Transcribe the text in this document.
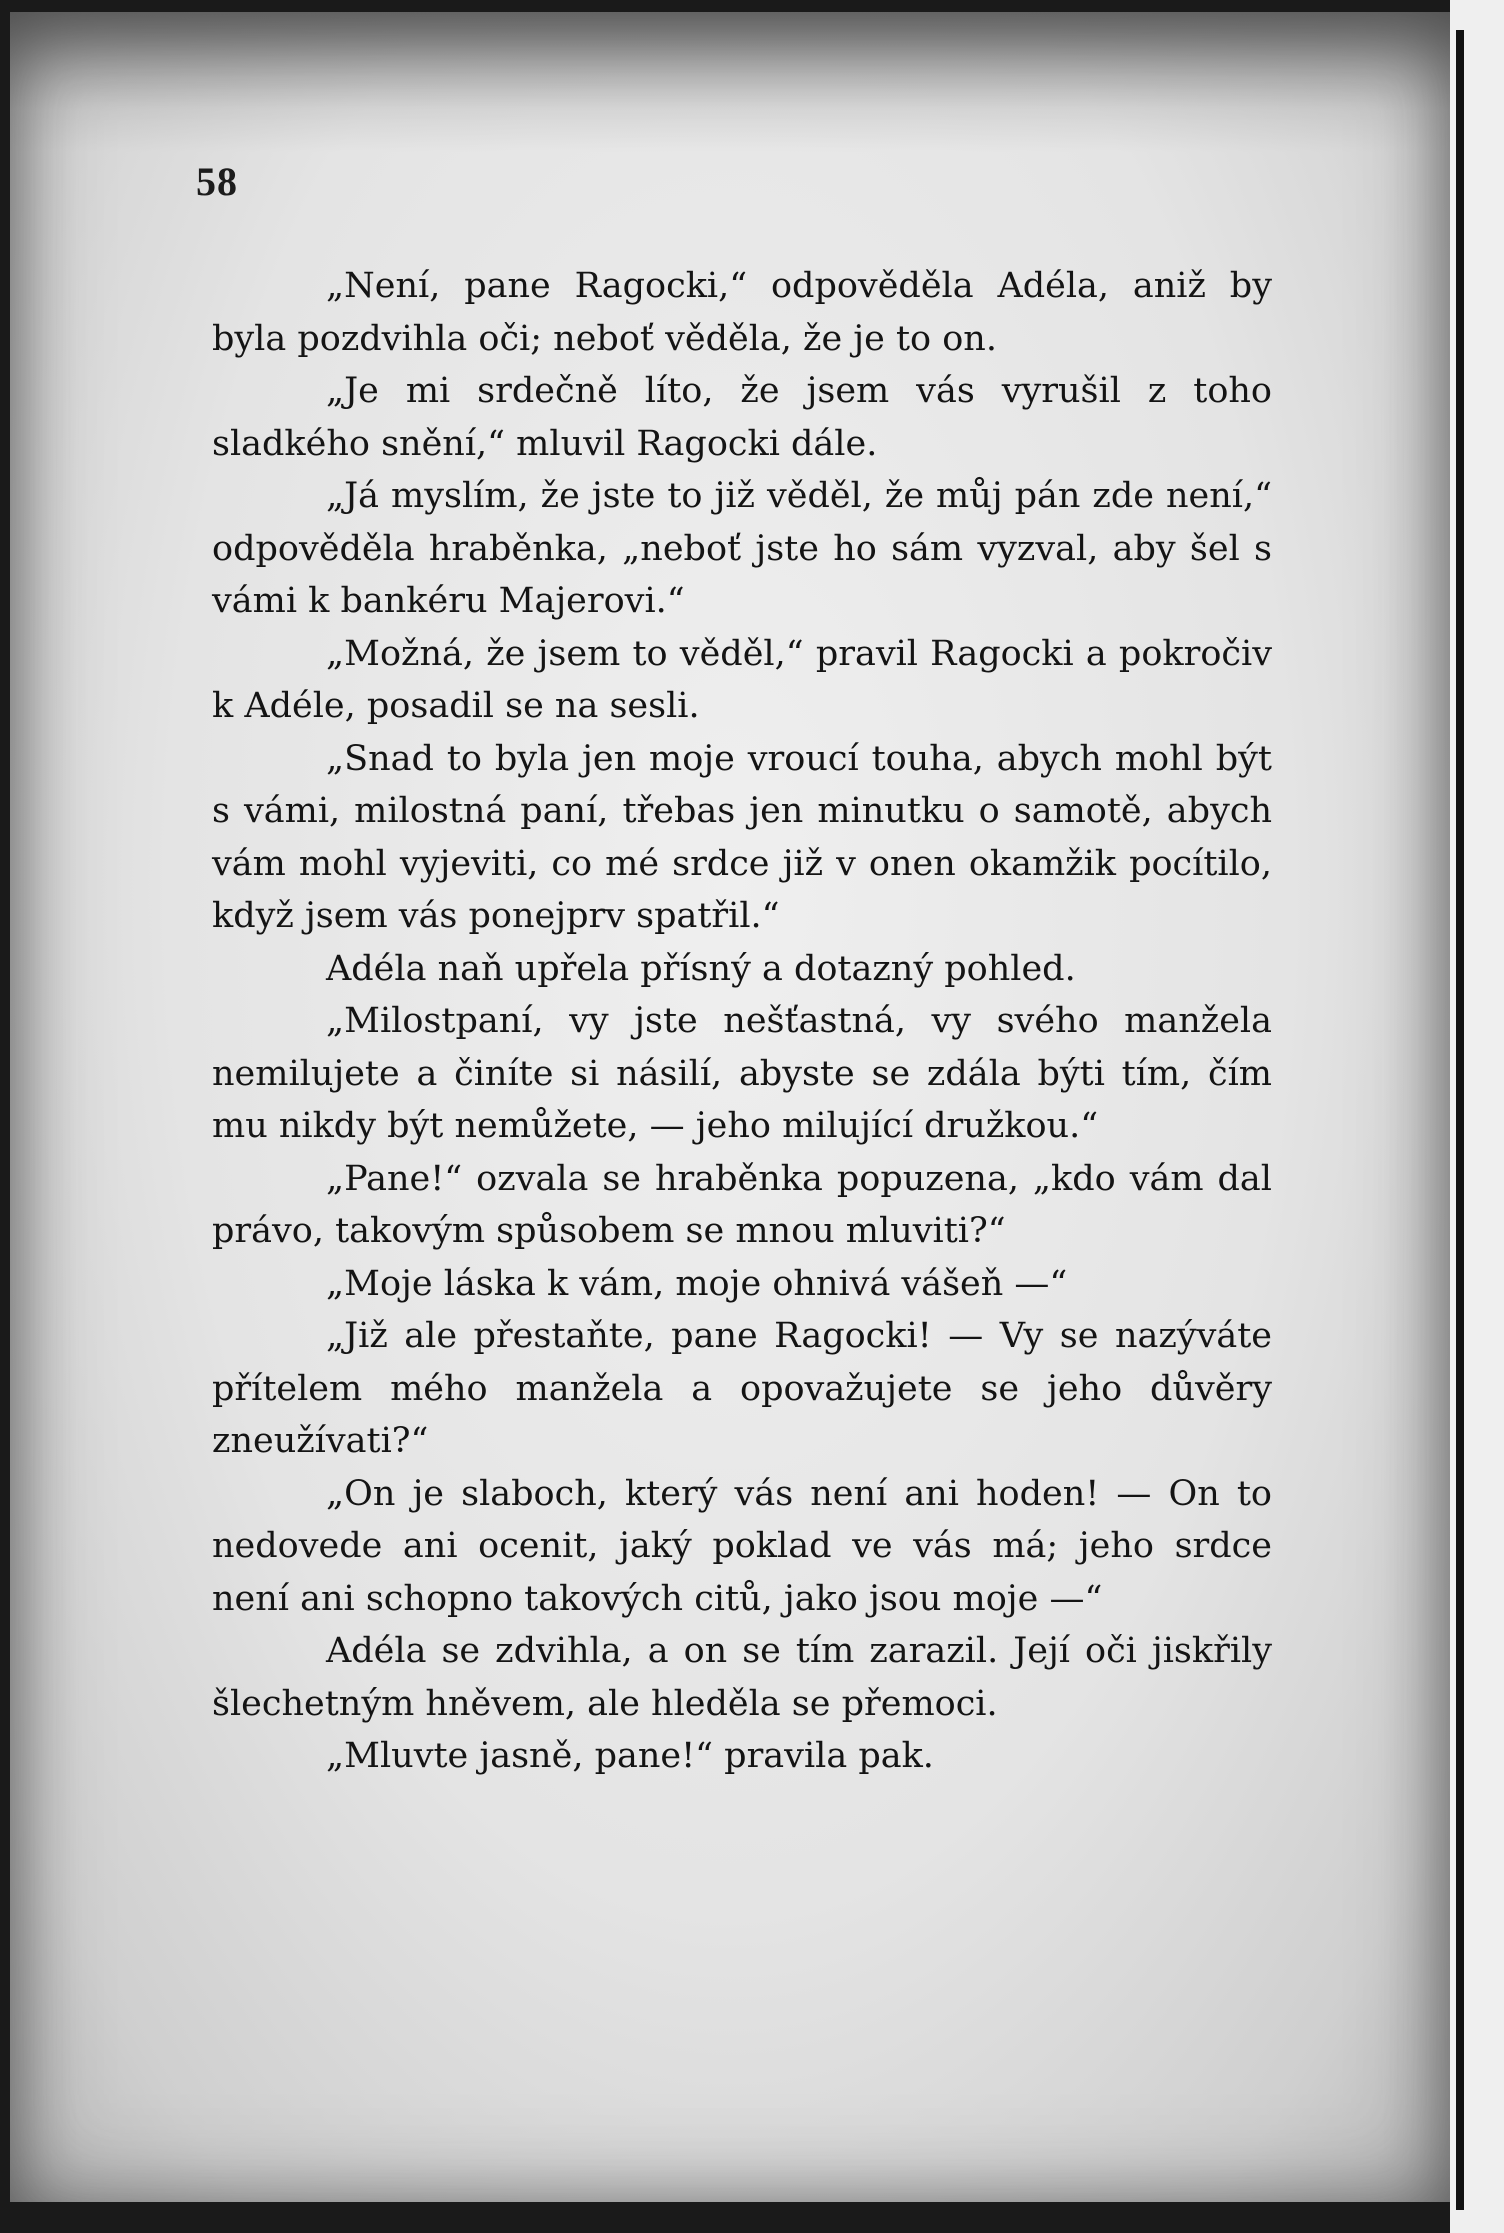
58

„Není, pane Ragocki,“ odpověděla Adéla, aniž by byla pozdvihla oči; neboť věděla, že je to on.

„Je mi srdečně líto, že jsem vás vyrušil z toho sladkého snění,“ mluvil Ragocki dále.

„Já myslím, že jste to již věděl, že můj pán zde není,“ odpověděla hraběnka, „neboť jste ho sám vyzval, aby šel s vámi k bankéru Majerovi.“

„Možná, že jsem to věděl,“ pravil Ragocki a pokročiv k Adéle, posadil se na sesli.

„Snad to byla jen moje vroucí touha, abych mohl být s vámi, milostná paní, třebas jen minutku o samotě, abych vám mohl vyjeviti, co mé srdce již v onen okamžik pocítilo, když jsem vás ponejprv spatřil.“

Adéla naň upřela přísný a dotazný pohled.

„Milostpaní, vy jste nešťastná, vy svého manžela nemilujete a činíte si násilí, abyste se zdála býti tím, čím mu nikdy být nemůžete, — jeho milující družkou.“

„Pane!“ ozvala se hraběnka popuzena, „kdo vám dal právo, takovým spůsobem se mnou mluviti?“

„Moje láska k vám, moje ohnivá vášeň —“

„Již ale přestaňte, pane Ragocki! — Vy se nazýváte přítelem mého manžela a opovažujete se jeho důvěry zneužívati?“

„On je slaboch, který vás není ani hoden! — On to nedovede ani ocenit, jaký poklad ve vás má; jeho srdce není ani schopno takových citů, jako jsou moje —“

Adéla se zdvihla, a on se tím zarazil. Její oči jiskřily šlechetným hněvem, ale hleděla se přemoci.

„Mluvte jasně, pane!“ pravila pak.
